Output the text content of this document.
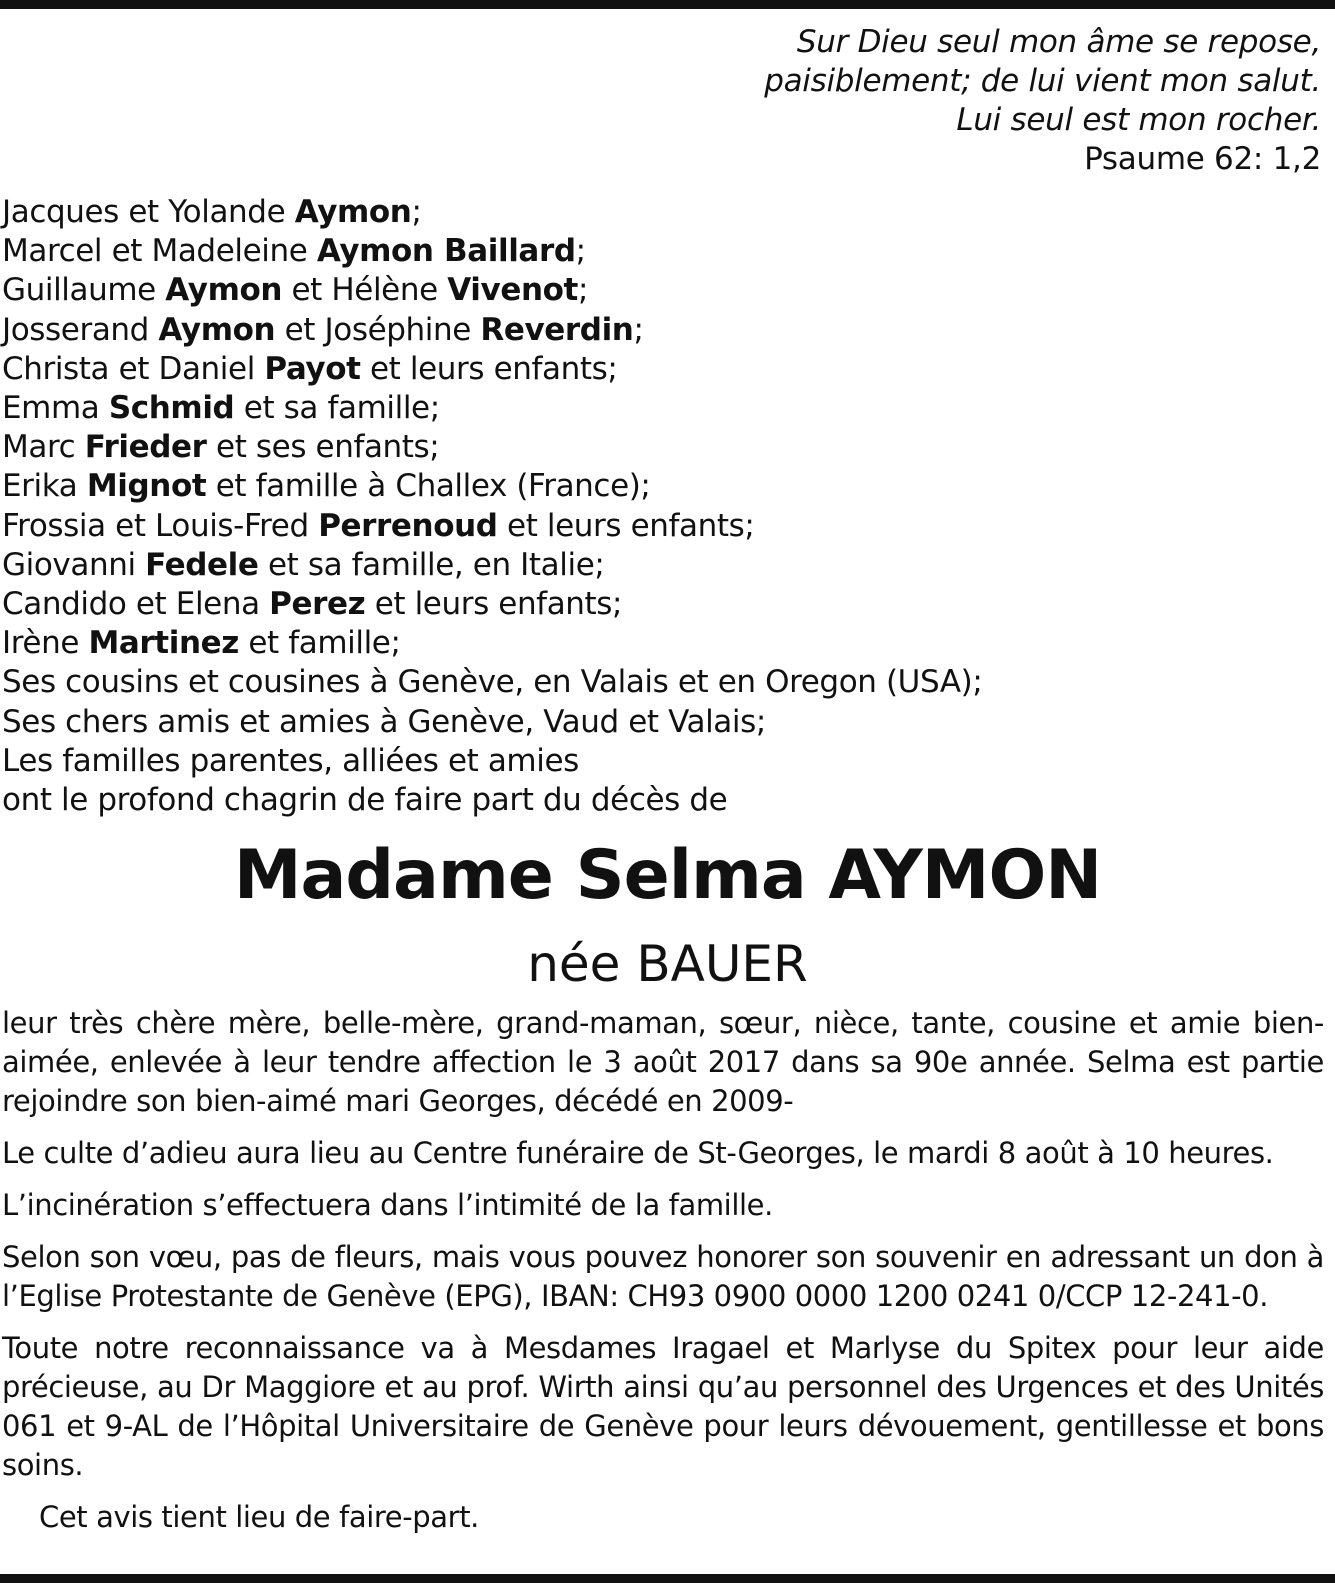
Sur Dieu seul mon âme se repose,
paisiblement; de lui vient mon salut.
Lui seul est mon rocher.
Psaume 62: 1,2
Jacques et Yolande Aymon;
Marcel et Madeleine Aymon Baillard;
Guillaume Aymon et Hélène Vivenot;
Josserand Aymon et Joséphine Reverdin;
Christa et Daniel Payot et leurs enfants;
Emma Schmid et sa famille;
Marc Frieder et ses enfants;
Erika Mignot et famille à Challex (France);
Frossia et Louis-Fred Perrenoud et leurs enfants;
Giovanni Fedele et sa famille, en Italie;
Candido et Elena Perez et leurs enfants;
Irène Martinez et famille;
Ses cousins et cousines à Genève, en Valais et en Oregon (USA);
Ses chers amis et amies à Genève, Vaud et Valais;
Les familles parentes, alliées et amies
ont le profond chagrin de faire part du décès de
Madame Selma AYMON
née BAUER

leur très chère mère, belle-mère, grand-maman, sœur, nièce, tante, cousine et amie bien-aimée, enlevée à leur tendre affection le 3 août 2017 dans sa 90e année. Selma est partie rejoindre son bien-aimé mari Georges, décédé en 2009-

Le culte d’adieu aura lieu au Centre funéraire de St-Georges, le mardi 8 août à 10 heures.

L’incinération s’effectuera dans l’intimité de la famille.

Selon son vœu, pas de fleurs, mais vous pouvez honorer son souvenir en adressant un don à l’Eglise Protestante de Genève (EPG), IBAN: CH93 0900 0000 1200 0241 0/CCP 12-241-0.

Toute notre reconnaissance va à Mesdames Iragael et Marlyse du Spitex pour leur aide précieuse, au Dr Maggiore et au prof. Wirth ainsi qu’au personnel des Urgences et des Unités 061 et 9-AL de l’Hôpital Universitaire de Genève pour leurs dévouement, gentillesse et bons soins.

Cet avis tient lieu de faire-part.
